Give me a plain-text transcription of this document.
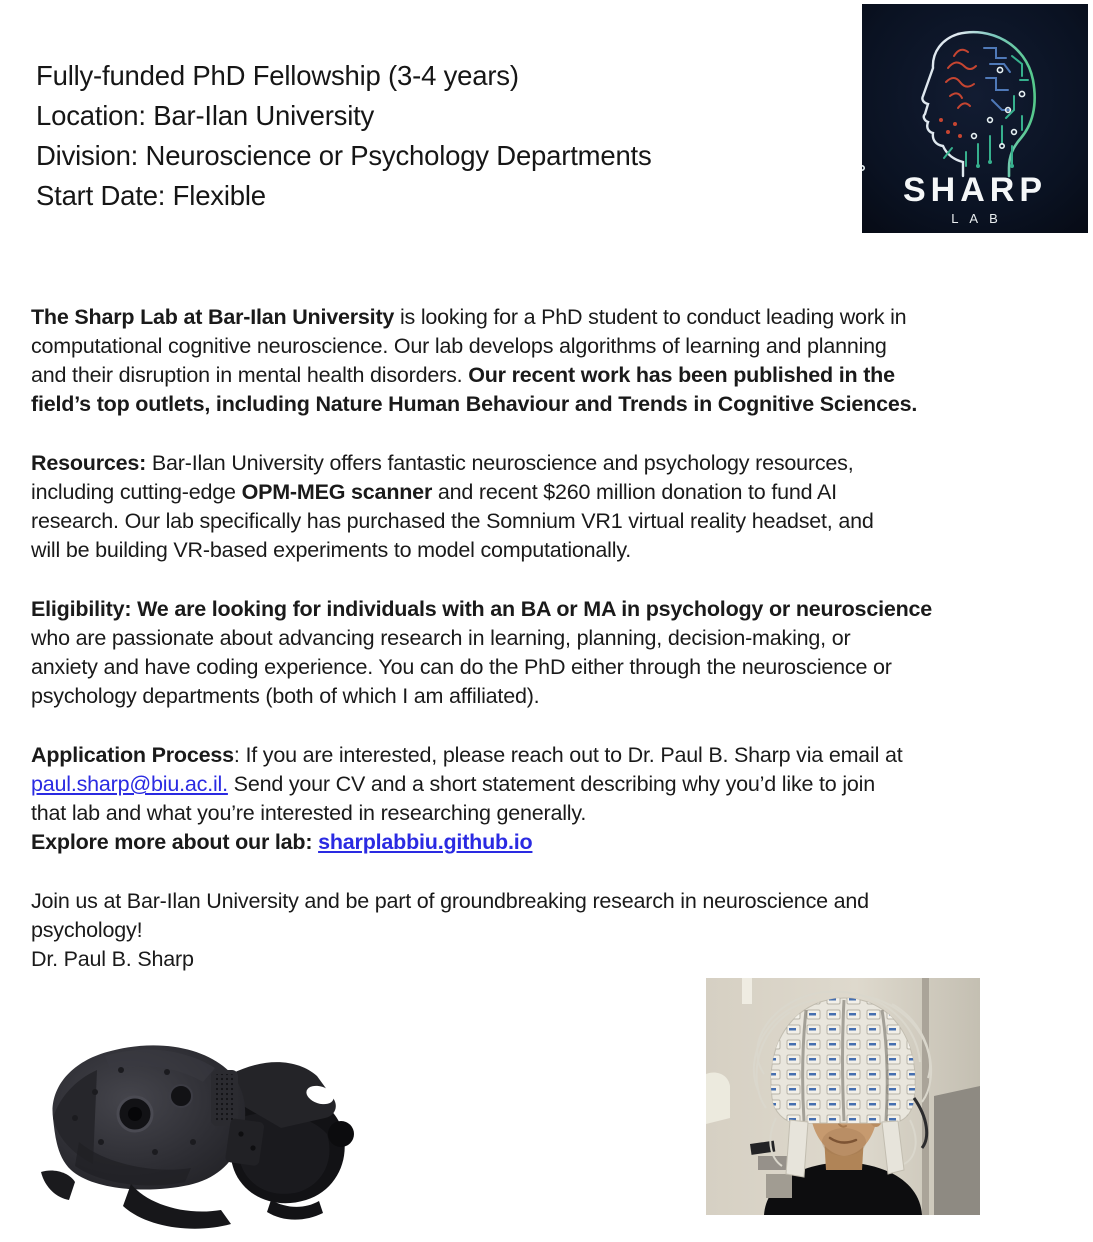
Fully-funded PhD Fellowship (3-4 years)
Location: Bar-Ilan University
Division: Neuroscience or Psychology Departments
Start Date: Flexible	SHARP
LAB

The Sharp Lab at Bar-Ilan University is looking for a PhD student to conduct leading work in
computational cognitive neuroscience. Our lab develops algorithms of learning and planning
and their disruption in mental health disorders. Our recent work has been published in the
field’s top outlets, including Nature Human Behaviour and Trends in Cognitive Sciences.

Resources: Bar-Ilan University offers fantastic neuroscience and psychology resources,
including cutting-edge OPM-MEG scanner and recent $260 million donation to fund AI
research. Our lab specifically has purchased the Somnium VR1 virtual reality headset, and
will be building VR-based experiments to model computationally.

Eligibility: We are looking for individuals with an BA or MA in psychology or neuroscience
who are passionate about advancing research in learning, planning, decision-making, or
anxiety and have coding experience. You can do the PhD either through the neuroscience or
psychology departments (both of which I am affiliated).

Application Process: If you are interested, please reach out to Dr. Paul B. Sharp via email at
paul.sharp@biu.ac.il. Send your CV and a short statement describing why you’d like to join
that lab and what you’re interested in researching generally.
Explore more about our lab: sharplabbiu.github.io

Join us at Bar-Ilan University and be part of groundbreaking research in neuroscience and
psychology!
Dr. Paul B. Sharp
